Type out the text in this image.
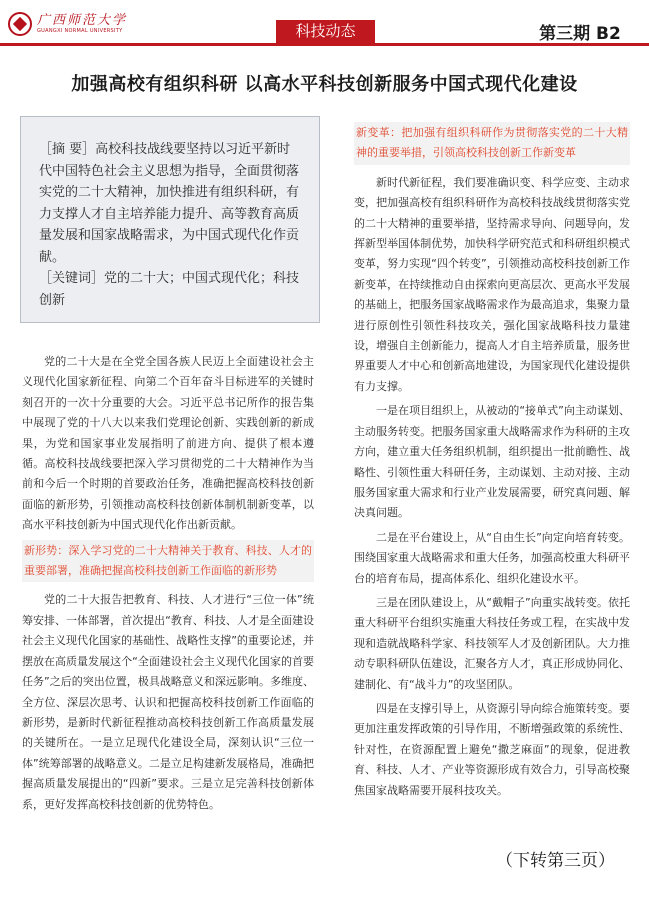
广西师范大学
GUANGXI NORMAL UNIVERSITY	科技动态	第三期 B2
加强高校有组织科研 以高水平科技创新服务中国式现代化建设

［摘 要］高校科技战线要坚持以习近平新时代中国特色社会主义思想为指导，全面贯彻落实党的二十大精神，加快推进有组织科研，有力支撑人才自主培养能力提升、高等教育高质量发展和国家战略需求，为中国式现代化作贡献。

［关键词］党的二十大；中国式现代化；科技创新

党的二十大是在全党全国各族人民迈上全面建设社会主义现代化国家新征程、向第二个百年奋斗目标进军的关键时刻召开的一次十分重要的大会。习近平总书记所作的报告集中展现了党的十八大以来我们党理论创新、实践创新的新成果，为党和国家事业发展指明了前进方向、提供了根本遵循。高校科技战线要把深入学习贯彻党的二十大精神作为当前和今后一个时期的首要政治任务，准确把握高校科技创新面临的新形势，引领推动高校科技创新体制机制新变革，以高水平科技创新为中国式现代化作出新贡献。

新形势：深入学习党的二十大精神关于教育、科技、人才的重要部署，准确把握高校科技创新工作面临的新形势

党的二十大报告把教育、科技、人才进行“三位一体”统筹安排、一体部署，首次提出“教育、科技、人才是全面建设社会主义现代化国家的基础性、战略性支撑”的重要论述，并摆放在高质量发展这个“全面建设社会主义现代化国家的首要任务”之后的突出位置，极具战略意义和深远影响。多维度、全方位、深层次思考、认识和把握高校科技创新工作面临的新形势，是新时代新征程推动高校科技创新工作高质量发展的关键所在。一是立足现代化建设全局，深刻认识“三位一体”统筹部署的战略意义。二是立足构建新发展格局，准确把握高质量发展提出的“四新”要求。三是立足完善科技创新体系，更好发挥高校科技创新的优势特色。

新变革：把加强有组织科研作为贯彻落实党的二十大精神的重要举措，引领高校科技创新工作新变革

新时代新征程，我们要准确识变、科学应变、主动求变，把加强高校有组织科研作为高校科技战线贯彻落实党的二十大精神的重要举措，坚持需求导向、问题导向，发挥新型举国体制优势，加快科学研究范式和科研组织模式变革，努力实现“四个转变”，引领推动高校科技创新工作新变革，在持续推动自由探索向更高层次、更高水平发展的基础上，把服务国家战略需求作为最高追求，集聚力量进行原创性引领性科技攻关，强化国家战略科技力量建设，增强自主创新能力，提高人才自主培养质量，服务世界重要人才中心和创新高地建设，为国家现代化建设提供有力支撑。

一是在项目组织上，从被动的“接单式”向主动谋划、主动服务转变。把服务国家重大战略需求作为科研的主攻方向，建立重大任务组织机制，组织提出一批前瞻性、战略性、引领性重大科研任务，主动谋划、主动对接、主动服务国家重大需求和行业产业发展需要，研究真问题、解决真问题。

二是在平台建设上，从“自由生长”向定向培育转变。围绕国家重大战略需求和重大任务，加强高校重大科研平台的培育布局，提高体系化、组织化建设水平。

三是在团队建设上，从“戴帽子”向重实战转变。依托重大科研平台组织实施重大科技任务或工程，在实战中发现和造就战略科学家、科技领军人才及创新团队。大力推动专职科研队伍建设，汇聚各方人才，真正形成协同化、建制化、有“战斗力”的攻坚团队。

四是在支撑引导上，从资源引导向综合施策转变。要更加注重发挥政策的引导作用，不断增强政策的系统性、针对性，在资源配置上避免“撒芝麻面”的现象，促进教育、科技、人才、产业等资源形成有效合力，引导高校聚焦国家战略需要开展科技攻关。

（下转第三页）
